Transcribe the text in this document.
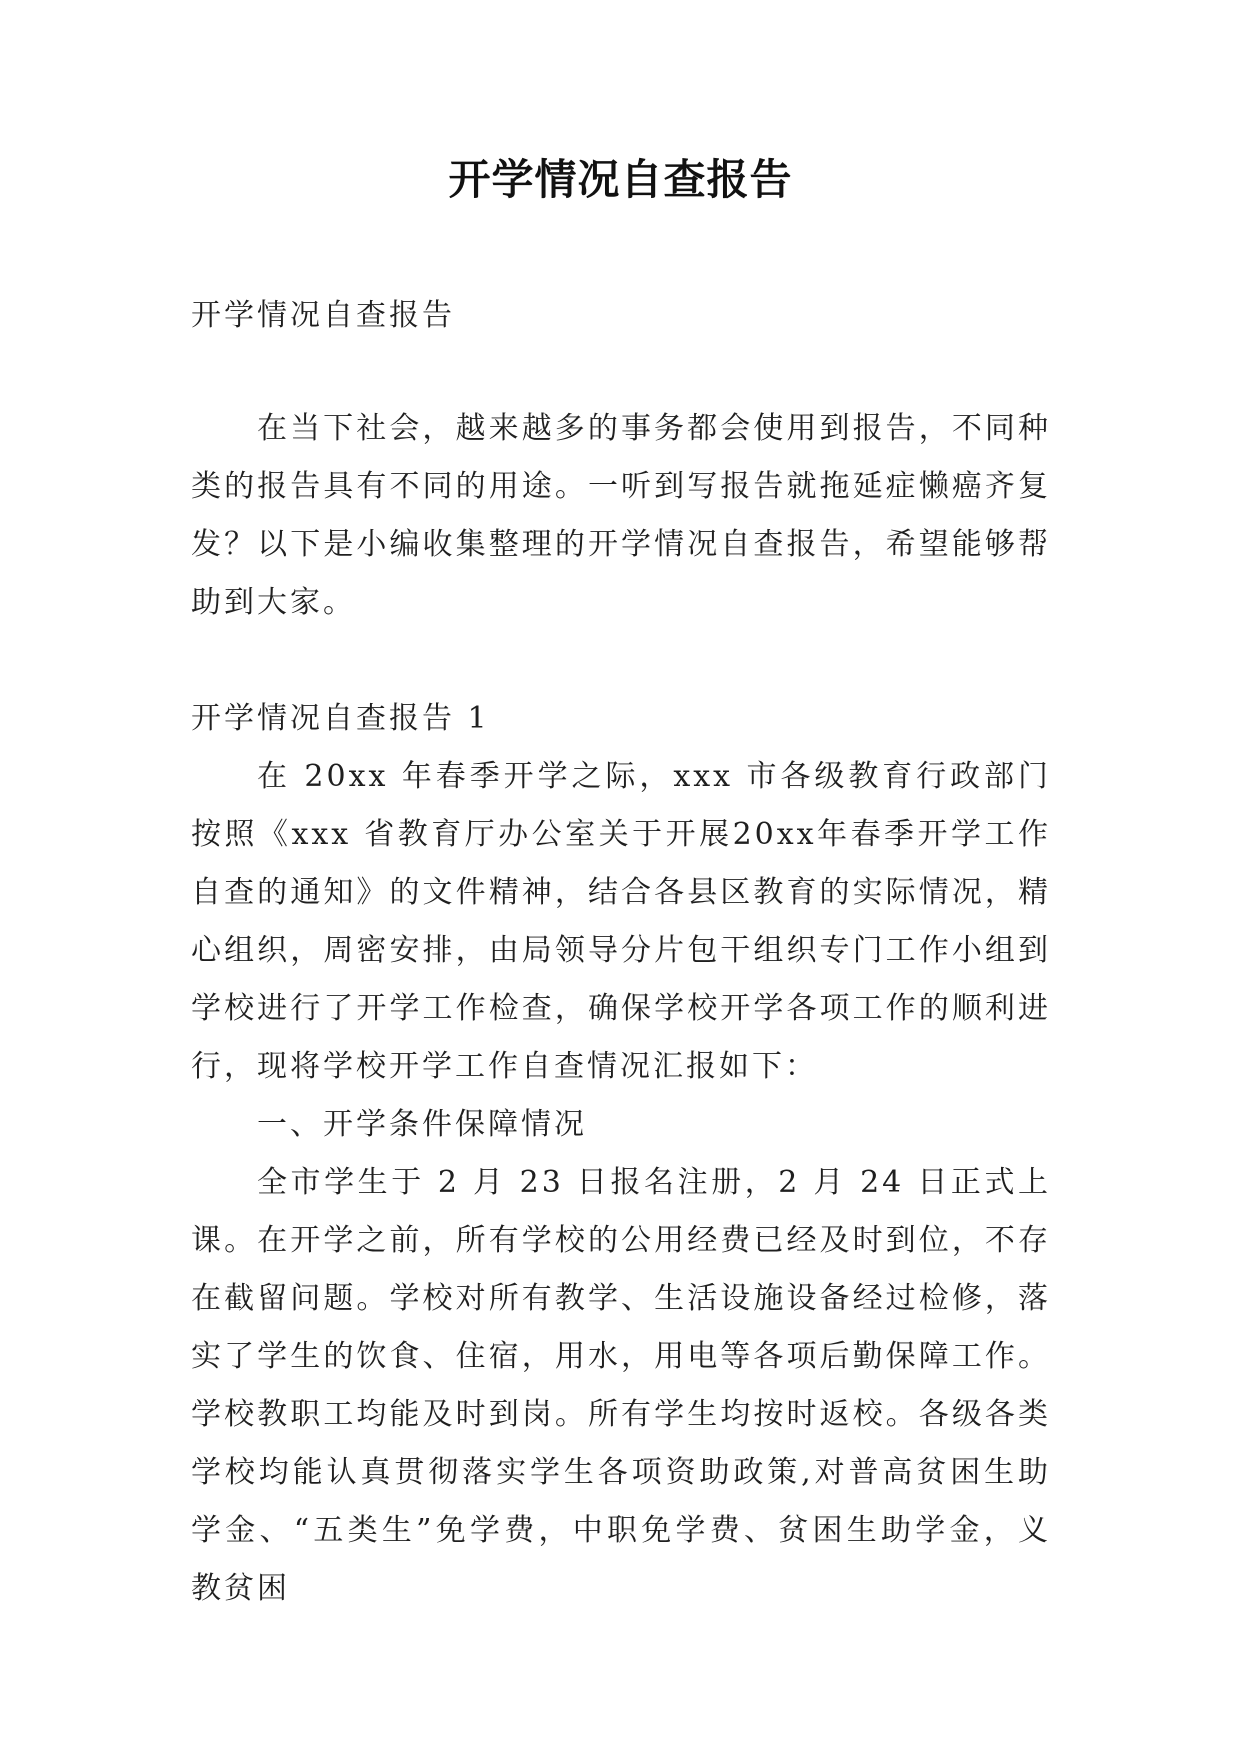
开学情况自查报告

开学情况自查报告

在当下社会，越来越多的事务都会使用到报告，不同种类的报告具有不同的用途。一听到写报告就拖延症懒癌齐复发？以下是小编收集整理的开学情况自查报告，希望能够帮助到大家。

开学情况自查报告 1

在 20xx 年春季开学之际，xxx 市各级教育行政部门按照《xxx 省教育厅办公室关于开展20xx年春季开学工作自查的通知》的文件精神，结合各县区教育的实际情况，精心组织，周密安排，由局领导分片包干组织专门工作小组到学校进行了开学工作检查，确保学校开学各项工作的顺利进行，现将学校开学工作自查情况汇报如下：

一、开学条件保障情况

全市学生于 2 月 23 日报名注册，2 月 24 日正式上课。在开学之前，所有学校的公用经费已经及时到位，不存在截留问题。学校对所有教学、生活设施设备经过检修，落实了学生的饮食、住宿，用水，用电等各项后勤保障工作。学校教职工均能及时到岗。所有学生均按时返校。各级各类学校均能认真贯彻落实学生各项资助政策,对普高贫困生助学金、“五类生”免学费，中职免学费、贫困生助学金，义教贫困
